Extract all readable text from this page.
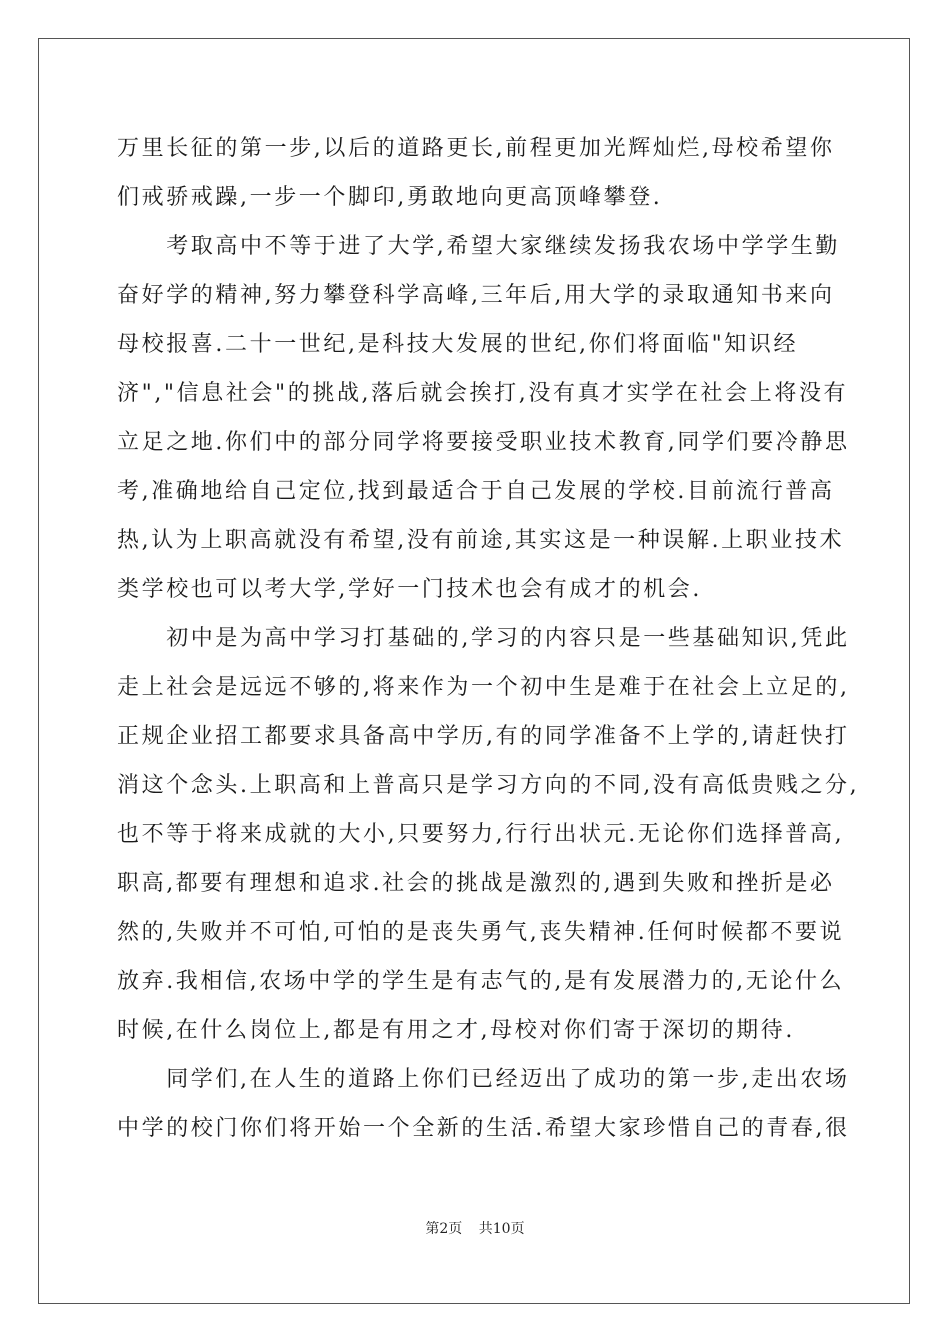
万里长征的第一步,以后的道路更长,前程更加光辉灿烂,母校希望你
们戒骄戒躁,一步一个脚印,勇敢地向更高顶峰攀登.
　　考取高中不等于进了大学,希望大家继续发扬我农场中学学生勤
奋好学的精神,努力攀登科学高峰,三年后,用大学的录取通知书来向
母校报喜.二十一世纪,是科技大发展的世纪,你们将面临"知识经
济","信息社会"的挑战,落后就会挨打,没有真才实学在社会上将没有
立足之地.你们中的部分同学将要接受职业技术教育,同学们要冷静思
考,准确地给自己定位,找到最适合于自己发展的学校.目前流行普高
热,认为上职高就没有希望,没有前途,其实这是一种误解.上职业技术
类学校也可以考大学,学好一门技术也会有成才的机会.
　　初中是为高中学习打基础的,学习的内容只是一些基础知识,凭此
走上社会是远远不够的,将来作为一个初中生是难于在社会上立足的,
正规企业招工都要求具备高中学历,有的同学准备不上学的,请赶快打
消这个念头.上职高和上普高只是学习方向的不同,没有高低贵贱之分,
也不等于将来成就的大小,只要努力,行行出状元.无论你们选择普高,
职高,都要有理想和追求.社会的挑战是激烈的,遇到失败和挫折是必
然的,失败并不可怕,可怕的是丧失勇气,丧失精神.任何时候都不要说
放弃.我相信,农场中学的学生是有志气的,是有发展潜力的,无论什么
时候,在什么岗位上,都是有用之才,母校对你们寄于深切的期待.
　　同学们,在人生的道路上你们已经迈出了成功的第一步,走出农场
中学的校门你们将开始一个全新的生活.希望大家珍惜自己的青春,很
第2页 共10页
